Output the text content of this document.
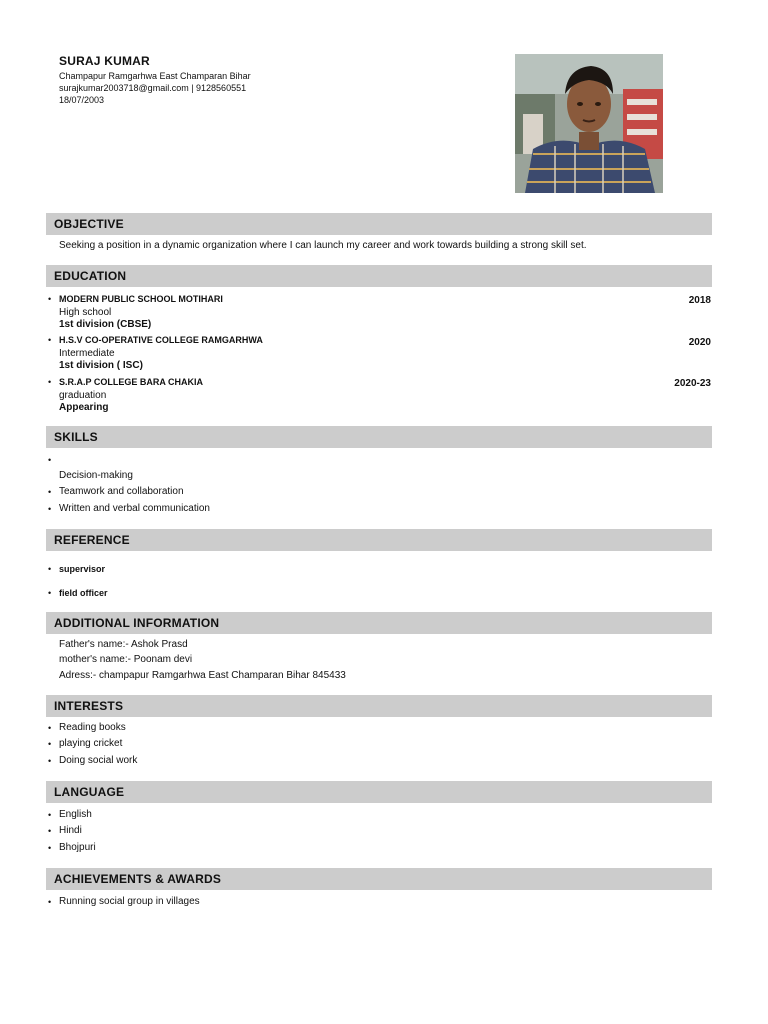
SURAJ KUMAR
Champapur Ramgarhwa East Champaran Bihar
surajkumar2003718@gmail.com | 9128560551
18/07/2003
OBJECTIVE
Seeking a position in a dynamic organization where I can launch my career and work towards building a strong skill set.
EDUCATION
• MODERN PUBLIC SCHOOL MOTIHARI	2018
High school
1st division (CBSE)
• H.S.V CO-OPERATIVE COLLEGE RAMGARHWA	2020
Intermediate
1st division ( ISC)
• S.R.A.P COLLEGE BARA CHAKIA	2020-23
graduation
Appearing
SKILLS
•
Decision-making
• Teamwork and collaboration
• Written and verbal communication
REFERENCE
• supervisor
• field officer
ADDITIONAL INFORMATION
Father's name:- Ashok Prasd
mother's name:- Poonam devi
Adress:- champapur Ramgarhwa East Champaran Bihar 845433
INTERESTS
• Reading books
• playing cricket
• Doing social work
LANGUAGE
• English
• Hindi
• Bhojpuri
ACHIEVEMENTS & AWARDS
• Running social group in villages
